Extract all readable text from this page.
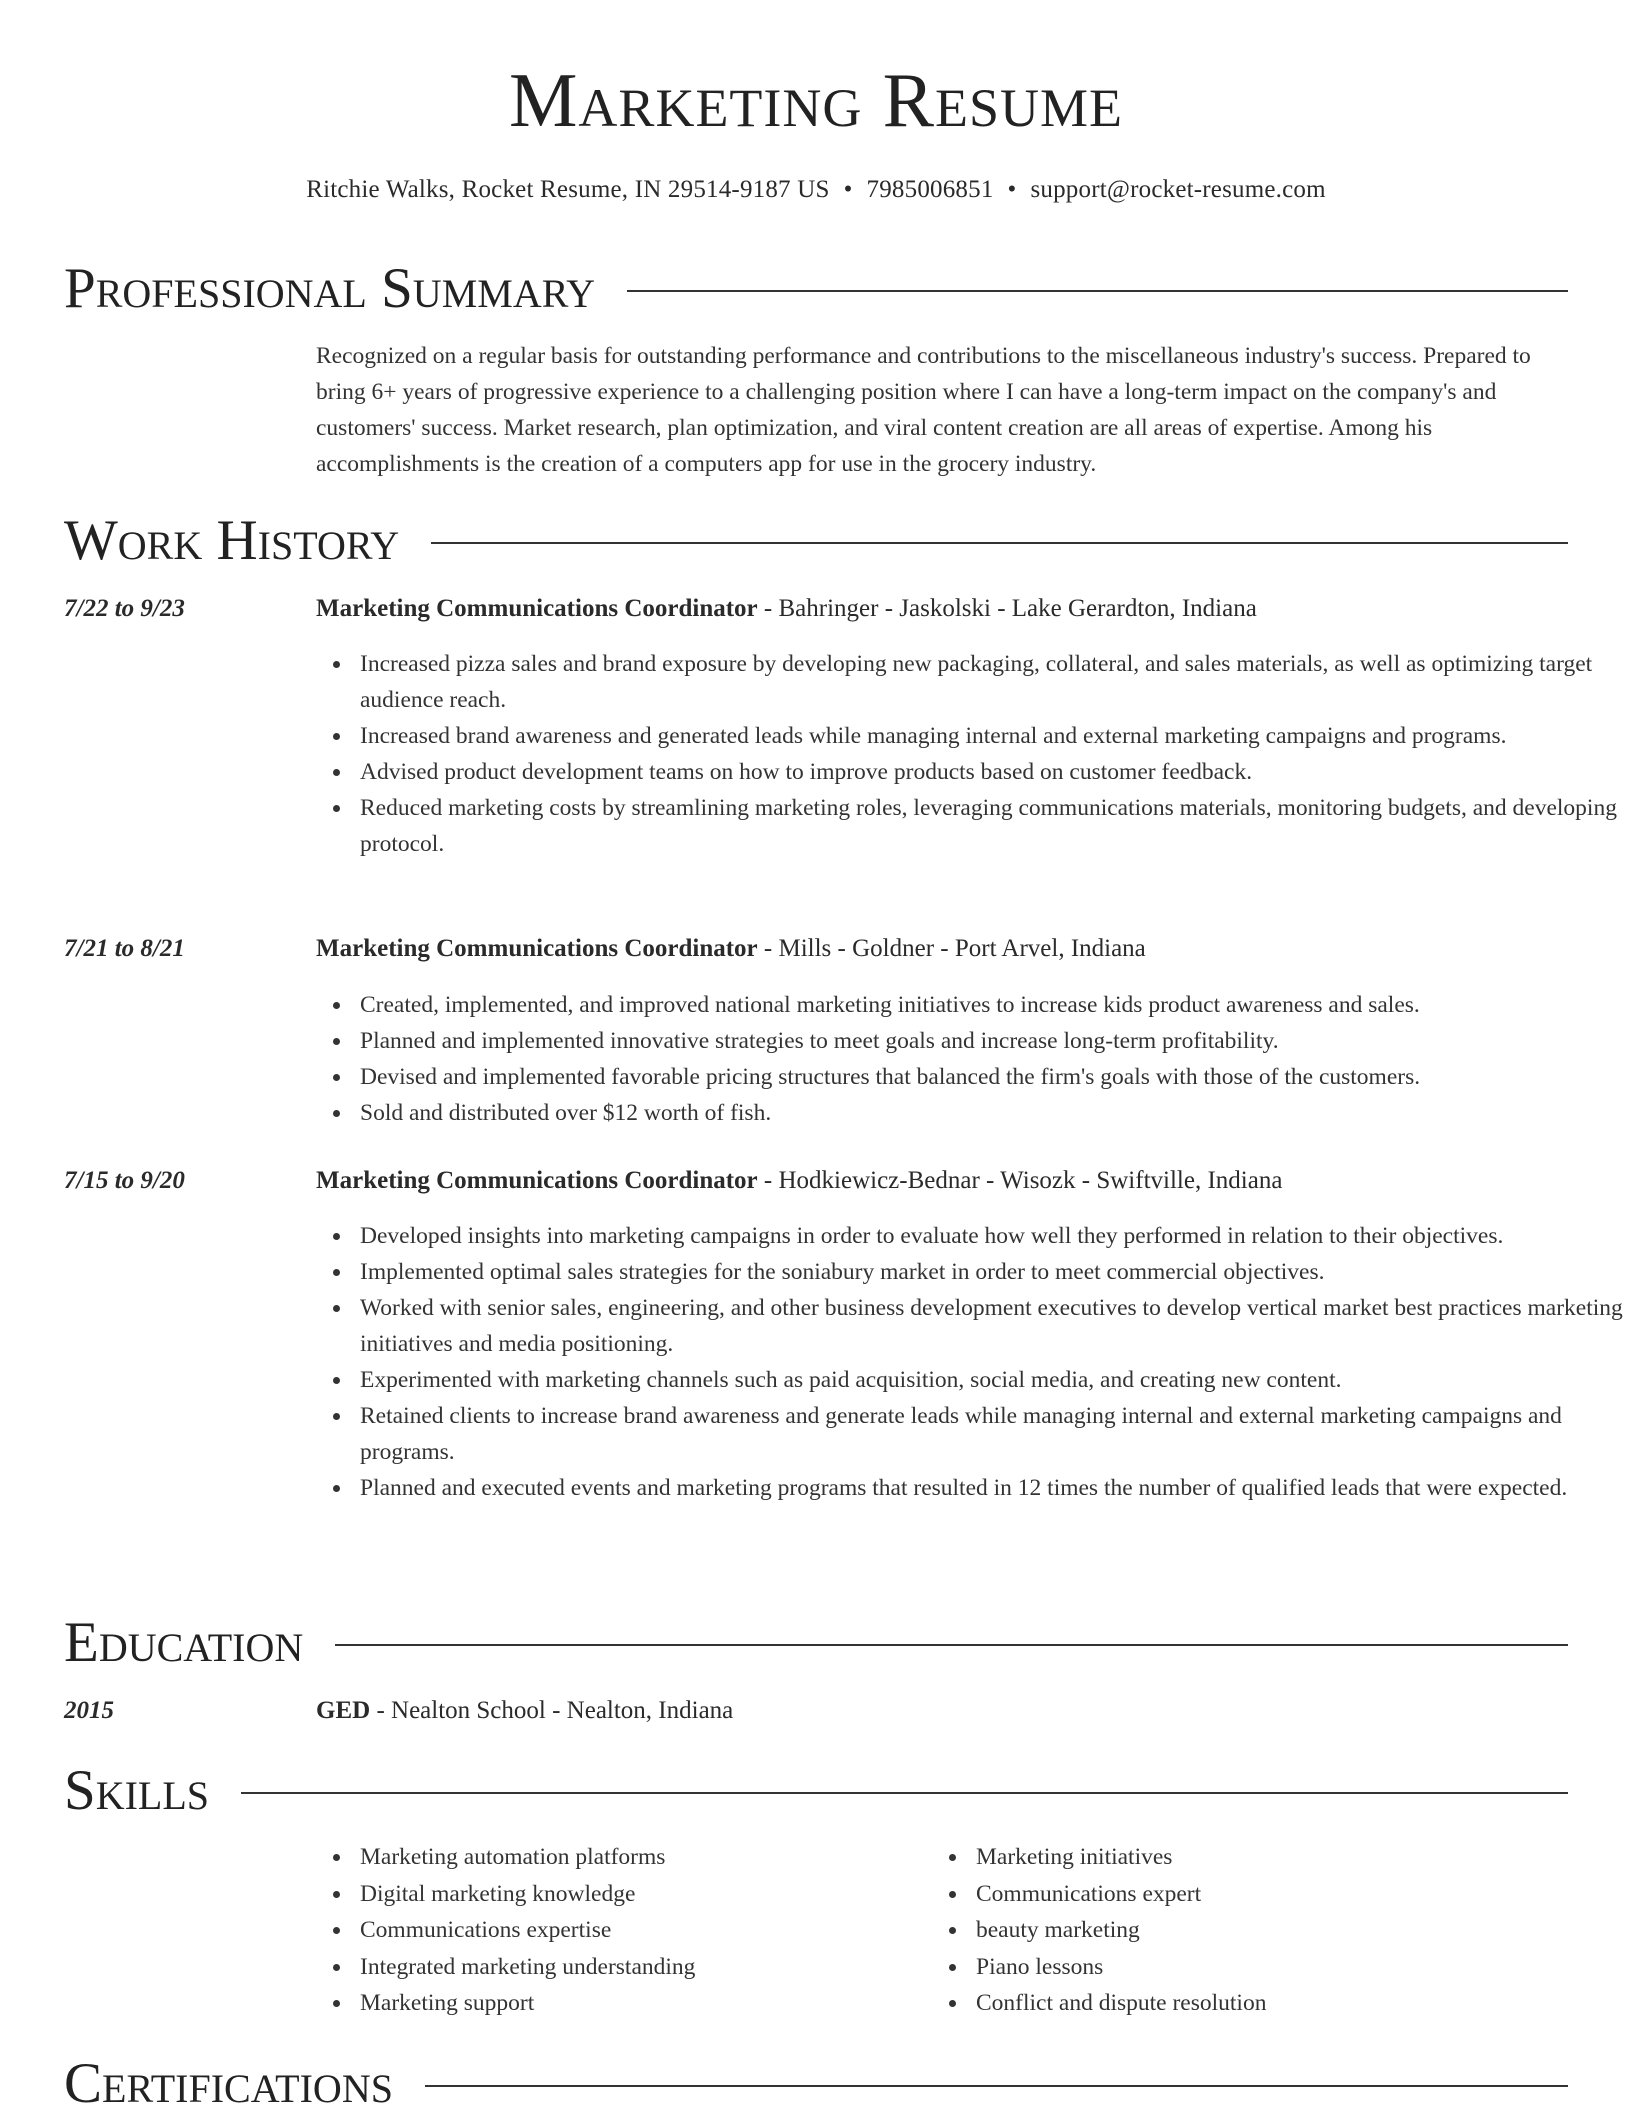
Marketing Resume
Ritchie Walks, Rocket Resume, IN 29514-9187 US • 7985006851 • support@rocket-resume.com
Professional Summary
Recognized on a regular basis for outstanding performance and contributions to the miscellaneous industry's success. Prepared to bring 6+ years of progressive experience to a challenging position where I can have a long-term impact on the company's and customers' success. Market research, plan optimization, and viral content creation are all areas of expertise. Among his accomplishments is the creation of a computers app for use in the grocery industry.
Work History
7/22 to 9/23	Marketing Communications Coordinator - Bahringer - Jaskolski - Lake Gerardton, Indiana
Increased pizza sales and brand exposure by developing new packaging, collateral, and sales materials, as well as optimizing target audience reach.
Increased brand awareness and generated leads while managing internal and external marketing campaigns and programs.
Advised product development teams on how to improve products based on customer feedback.
Reduced marketing costs by streamlining marketing roles, leveraging communications materials, monitoring budgets, and developing protocol.
7/21 to 8/21	Marketing Communications Coordinator - Mills - Goldner - Port Arvel, Indiana
Created, implemented, and improved national marketing initiatives to increase kids product awareness and sales.
Planned and implemented innovative strategies to meet goals and increase long-term profitability.
Devised and implemented favorable pricing structures that balanced the firm's goals with those of the customers.
Sold and distributed over $12 worth of fish.
7/15 to 9/20	Marketing Communications Coordinator - Hodkiewicz-Bednar - Wisozk - Swiftville, Indiana
Developed insights into marketing campaigns in order to evaluate how well they performed in relation to their objectives.
Implemented optimal sales strategies for the soniabury market in order to meet commercial objectives.
Worked with senior sales, engineering, and other business development executives to develop vertical market best practices marketing initiatives and media positioning.
Experimented with marketing channels such as paid acquisition, social media, and creating new content.
Retained clients to increase brand awareness and generate leads while managing internal and external marketing campaigns and programs.
Planned and executed events and marketing programs that resulted in 12 times the number of qualified leads that were expected.
Education
2015	GED - Nealton School - Nealton, Indiana
Skills
Marketing automation platforms
Digital marketing knowledge
Communications expertise
Integrated marketing understanding
Marketing support
Marketing initiatives
Communications expert
beauty marketing
Piano lessons
Conflict and dispute resolution
Certifications
